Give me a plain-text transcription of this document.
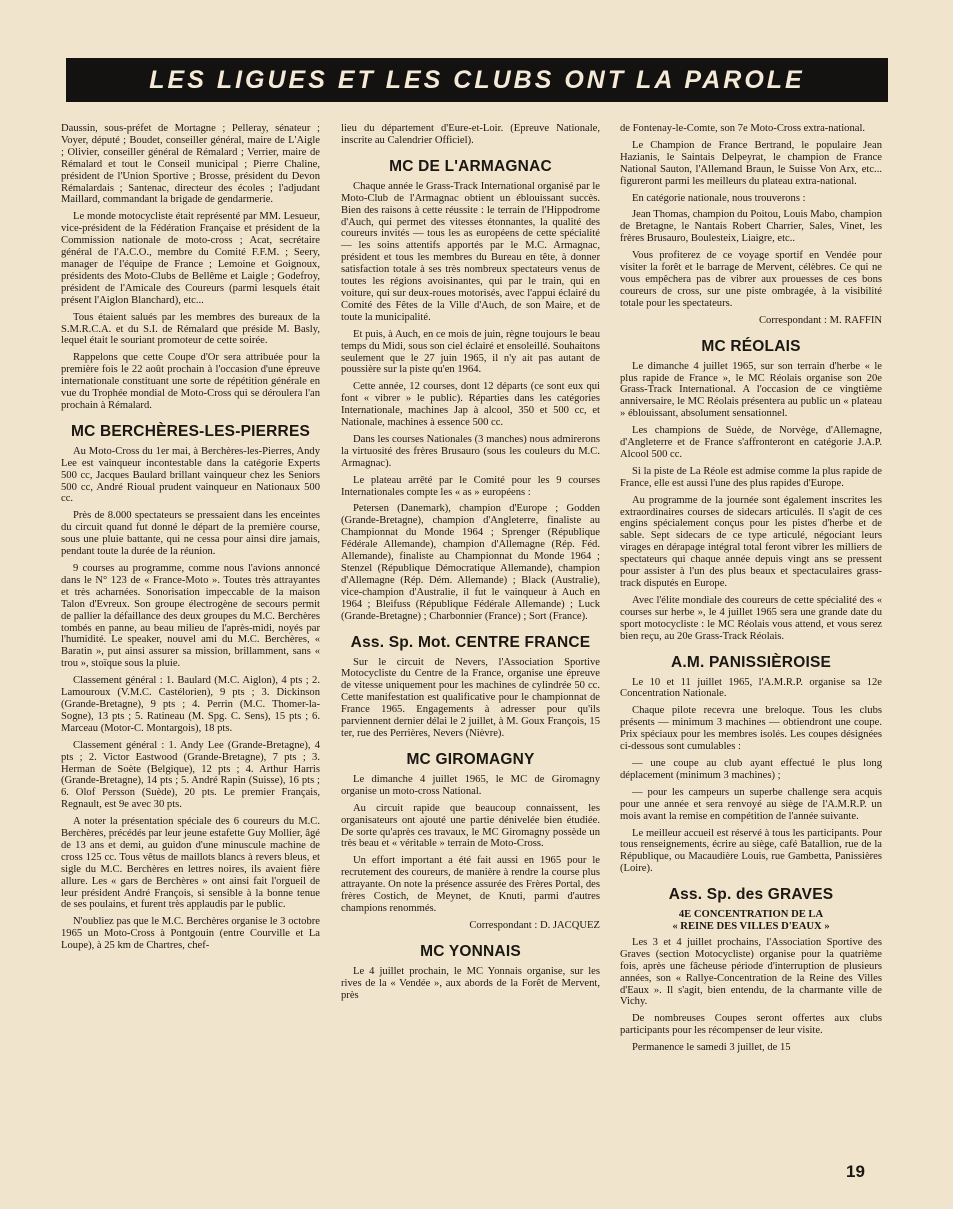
LES LIGUES ET LES CLUBS ONT LA PAROLE

Daussin, sous-préfet de Mortagne ; Pelleray, sénateur ; Voyer, député ; Boudet, conseiller général, maire de L'Aigle ; Olivier, conseiller général de Rémalard ; Verrier, maire de Rémalard et tout le Conseil municipal ; Pierre Chaline, président de l'Union Sportive ; Brosse, président du Devon Rémalardais ; Santenac, directeur des écoles ; l'adjudant Maillard, commandant la brigade de gendarmerie.

Le monde motocycliste était représenté par MM. Lesueur, vice-président de la Fédération Française et président de la Commission nationale de moto-cross ; Acat, secrétaire général de l'A.C.O., membre du Comité F.F.M. ; Seery, manager de l'équipe de France ; Lemoine et Goignoux, présidents des Moto-Clubs de Bellême et Laigle ; Godefroy, président de l'Amicale des Coureurs (parmi lesquels était présent l'Aiglon Blanchard), etc...

Tous étaient salués par les membres des bureaux de la S.M.R.C.A. et du S.I. de Rémalard que préside M. Basly, lequel était le souriant promoteur de cette soirée.

Rappelons que cette Coupe d'Or sera attribuée pour la première fois le 22 août prochain à l'occasion d'une épreuve internationale constituant une sorte de répétition générale en vue du Trophée mondial de Moto-Cross qui se déroulera l'an prochain à Rémalard.

MC BERCHÈRES-LES-PIERRES

Au Moto-Cross du 1er mai, à Berchères-les-Pierres, Andy Lee est vainqueur incontestable dans la catégorie Experts 500 cc, Jacques Baulard brillant vainqueur chez les Seniors 500 cc, André Rioual prudent vainqueur en Nationaux 500 cc.

Près de 8.000 spectateurs se pressaient dans les enceintes du circuit quand fut donné le départ de la première course, sous une pluie battante, qui ne cessa pour ainsi dire jamais, pendant toute la durée de la réunion.

9 courses au programme, comme nous l'avions annoncé dans le N° 123 de « France-Moto ». Toutes très attrayantes et très acharnées. Sonorisation impeccable de la maison Talon d'Evreux. Son groupe électrogène de secours permit de pallier la défaillance des deux groupes du M.C. Berchères tombés en panne, au beau milieu de l'après-midi, noyés par l'humidité. Le speaker, nouvel ami du M.C. Berchères, « Baratin », put ainsi assurer sa mission, brillamment, sans « trou », stoïque sous la pluie.

Classement général : 1. Baulard (M.C. Aiglon), 4 pts ; 2. Lamouroux (V.M.C. Castélorien), 9 pts ; 3. Dickinson (Grande-Bretagne), 9 pts ; 4. Perrin (M.C. Thomer-la-Sogne), 13 pts ; 5. Ratineau (M. Spg. C. Sens), 15 pts ; 6. Marceau (Motor-C. Montargois), 18 pts.

Classement général : 1. Andy Lee (Grande-Bretagne), 4 pts ; 2. Victor Eastwood (Grande-Bretagne), 7 pts ; 3. Herman de Soète (Belgique), 12 pts ; 4. Arthur Harris (Grande-Bretagne), 14 pts ; 5. André Rapin (Suisse), 16 pts ; 6. Olof Persson (Suède), 20 pts. Le premier Français, Regnault, est 9e avec 30 pts.

A noter la présentation spéciale des 6 coureurs du M.C. Berchères, précédés par leur jeune estafette Guy Mollier, âgé de 13 ans et demi, au guidon d'une minuscule machine de cross 125 cc. Tous vêtus de maillots blancs à revers bleus, et sigle du M.C. Berchères en lettres noires, ils avaient fière allure. Les « gars de Berchères » ont ainsi fait l'orgueil de leur président André François, si sensible à la bonne tenue de ses poulains, et furent très applaudis par le public.

N'oubliez pas que le M.C. Berchères organise le 3 octobre 1965 un Moto-Cross à Pontgouin (entre Courville et La Loupe), à 25 km de Chartres, chef-

lieu du département d'Eure-et-Loir. (Epreuve Nationale, inscrite au Calendrier Officiel).

MC DE L'ARMAGNAC

Chaque année le Grass-Track International organisé par le Moto-Club de l'Armagnac obtient un éblouissant succès. Bien des raisons à cette réussite : le terrain de l'Hippodrome d'Auch, qui permet des vitesses étonnantes, la qualité des coureurs invités — tous les as européens de cette spécialité — les soins attentifs apportés par le M.C. Armagnac, président et tous les membres du Bureau en tête, à donner satisfaction totale à ses très nombreux spectateurs venus de toutes les régions avoisinantes, qui par le train, qui en voiture, qui sur deux-roues motorisés, avec l'appui éclairé du Comité des Fêtes de la Ville d'Auch, de son Maire, et de toute la municipalité.

Et puis, à Auch, en ce mois de juin, règne toujours le beau temps du Midi, sous son ciel éclairé et ensoleillé. Souhaitons seulement que le 27 juin 1965, il n'y ait pas autant de poussière sur la piste qu'en 1964.

Cette année, 12 courses, dont 12 départs (ce sont eux qui font « vibrer » le public). Réparties dans les catégories Internationale, machines Jap à alcool, 350 et 500 cc, et Nationale, machines à essence 500 cc.

Dans les courses Nationales (3 manches) nous admirerons la virtuosité des frères Brusauro (sous les couleurs du M.C. Armagnac).

Le plateau arrêté par le Comité pour les 9 courses Internationales compte les « as » européens :

Petersen (Danemark), champion d'Europe ; Godden (Grande-Bretagne), champion d'Angleterre, finaliste au Championnat du Monde 1964 ; Sprenger (République Fédérale Allemande), champion d'Allemagne (Rép. Féd. Allemande), finaliste au Championnat du Monde 1964 ; Stenzel (République Démocratique Allemande), champion d'Allemagne (Rép. Dém. Allemande) ; Black (Australie), vice-champion d'Australie, il fut le vainqueur à Auch en 1964 ; Bleifuss (République Fédérale Allemande) ; Luck (Grande-Bretagne) ; Charbonnier (France) ; Sort (France).

Ass. Sp. Mot. CENTRE FRANCE

Sur le circuit de Nevers, l'Association Sportive Motocycliste du Centre de la France, organise une épreuve de vitesse uniquement pour les machines de cylindrée 50 cc. Cette manifestation est qualificative pour le championnat de France 1965. Engagements à adresser pour qu'ils parviennent dernier délai le 2 juillet, à M. Goux François, 15 ter, rue des Perrières, Nevers (Nièvre).

MC GIROMAGNY

Le dimanche 4 juillet 1965, le MC de Giromagny organise un moto-cross National.

Au circuit rapide que beaucoup connaissent, les organisateurs ont ajouté une partie dénivelée bien étudiée. De sorte qu'après ces travaux, le MC Giromagny possède un très beau et « véritable » terrain de Moto-Cross.

Un effort important a été fait aussi en 1965 pour le recrutement des coureurs, de manière à rendre la course plus attrayante. On note la présence assurée des Frères Portal, des frères Costich, de Meynet, de Knuti, parmi d'autres champions renommés.

Correspondant : D. JACQUEZ

MC YONNAIS

Le 4 juillet prochain, le MC Yonnais organise, sur les rives de la « Vendée », aux abords de la Forêt de Mervent, près

de Fontenay-le-Comte, son 7e Moto-Cross extra-national.

Le Champion de France Bertrand, le populaire Jean Hazianis, le Saintais Delpeyrat, le champion de France National Sauton, l'Allemand Braun, le Suisse Von Arx, etc... figureront parmi les meilleurs du plateau extra-national.

En catégorie nationale, nous trouverons :

Jean Thomas, champion du Poitou, Louis Mabo, champion de Bretagne, le Nantais Robert Charrier, Sales, Vinet, les frères Brusauro, Boulesteix, Liaigre, etc..

Vous profiterez de ce voyage sportif en Vendée pour visiter la forêt et le barrage de Mervent, célèbres. Ce qui ne vous empêchera pas de vibrer aux prouesses de ces bons coureurs de cross, sur une piste ombragée, à la visibilité totale pour les spectateurs.

Correspondant : M. RAFFIN

MC RÉOLAIS

Le dimanche 4 juillet 1965, sur son terrain d'herbe « le plus rapide de France », le MC Réolais organise son 20e Grass-Track International. A l'occasion de ce vingtième anniversaire, le MC Réolais présentera au public un « plateau » éblouissant, absolument sensationnel.

Les champions de Suède, de Norvège, d'Allemagne, d'Angleterre et de France s'affronteront en catégorie J.A.P. Alcool 500 cc.

Si la piste de La Réole est admise comme la plus rapide de France, elle est aussi l'une des plus rapides d'Europe.

Au programme de la journée sont également inscrites les extraordinaires courses de sidecars articulés. Il s'agit de ces engins spécialement conçus pour les pistes d'herbe et de sable. Sept sidecars de ce type articulé, négociant leurs virages en dérapage intégral total feront vibrer les milliers de spectateurs qui chaque année depuis vingt ans se pressent pour assister à l'un des plus beaux et spectaculaires grass-track disputés en Europe.

Avec l'élite mondiale des coureurs de cette spécialité des « courses sur herbe », le 4 juillet 1965 sera une grande date du sport motocycliste : le MC Réolais vous attend, et vous serez bien reçu, au 20e Grass-Track Réolais.

A.M. PANISSIÈROISE

Le 10 et 11 juillet 1965, l'A.M.R.P. organise sa 12e Concentration Nationale.

Chaque pilote recevra une breloque. Tous les clubs présents — minimum 3 machines — obtiendront une coupe. Prix spéciaux pour les membres isolés. Les coupes désignées ci-dessous sont cumulables :

— une coupe au club ayant effectué le plus long déplacement (minimum 3 machines) ;

— pour les campeurs un superbe challenge sera acquis pour une année et sera renvoyé au siège de l'A.M.R.P. un mois avant la remise en compétition de l'année suivante.

Le meilleur accueil est réservé à tous les participants. Pour tous renseignements, écrire au siège, café Batallion, rue de la République, ou Macaudière Louis, rue Gambetta, Panissières (Loire).

Ass. Sp. des GRAVES
4E CONCENTRATION DE LA
« REINE DES VILLES D'EAUX »

Les 3 et 4 juillet prochains, l'Association Sportive des Graves (section Motocycliste) organise pour la quatrième fois, après une fâcheuse période d'interruption de plusieurs années, son « Rallye-Concentration de la Reine des Villes d'Eaux ». Il s'agit, bien entendu, de la charmante ville de Vichy.

De nombreuses Coupes seront offertes aux clubs participants pour les récompenser de leur visite.

Permanence le samedi 3 juillet, de 15

19
